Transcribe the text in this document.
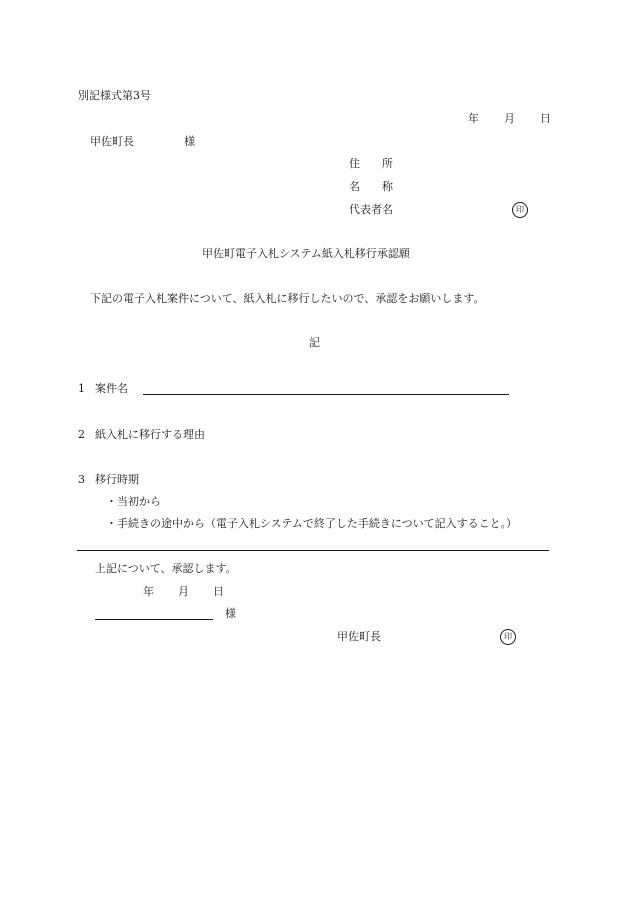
別記様式第3号
年 月 日
甲佐町長	様
住　　所
名　　称
代表者名	印
甲佐町電子入札システム紙入札移行承認願
下記の電子入札案件について、紙入札に移行したいので、承認をお願いします。
記
1 案件名
2 紙入札に移行する理由
3 移行時期
・当初から
・手続きの途中から（電子入札システムで終了した手続きについて記入すること。）
上記について、承認します。
年 月 日
様
甲佐町長	印
